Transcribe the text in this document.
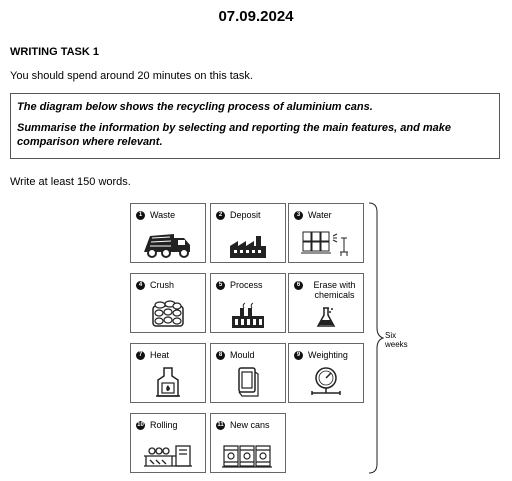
07.09.2024
WRITING TASK 1
You should spend around 20 minutes on this task.

The diagram below shows the recycling process of aluminium cans.

Summarise the information by selecting and reporting the main features, and make comparison where relevant.

Write at least 150 words.
1 Waste	2 Deposit	3 Water
4 Crush	5 Process	6	Erase with chemicals
7 Heat	8 Mould	9 Weighting
10 Rolling	11 New cans
Six weeks
